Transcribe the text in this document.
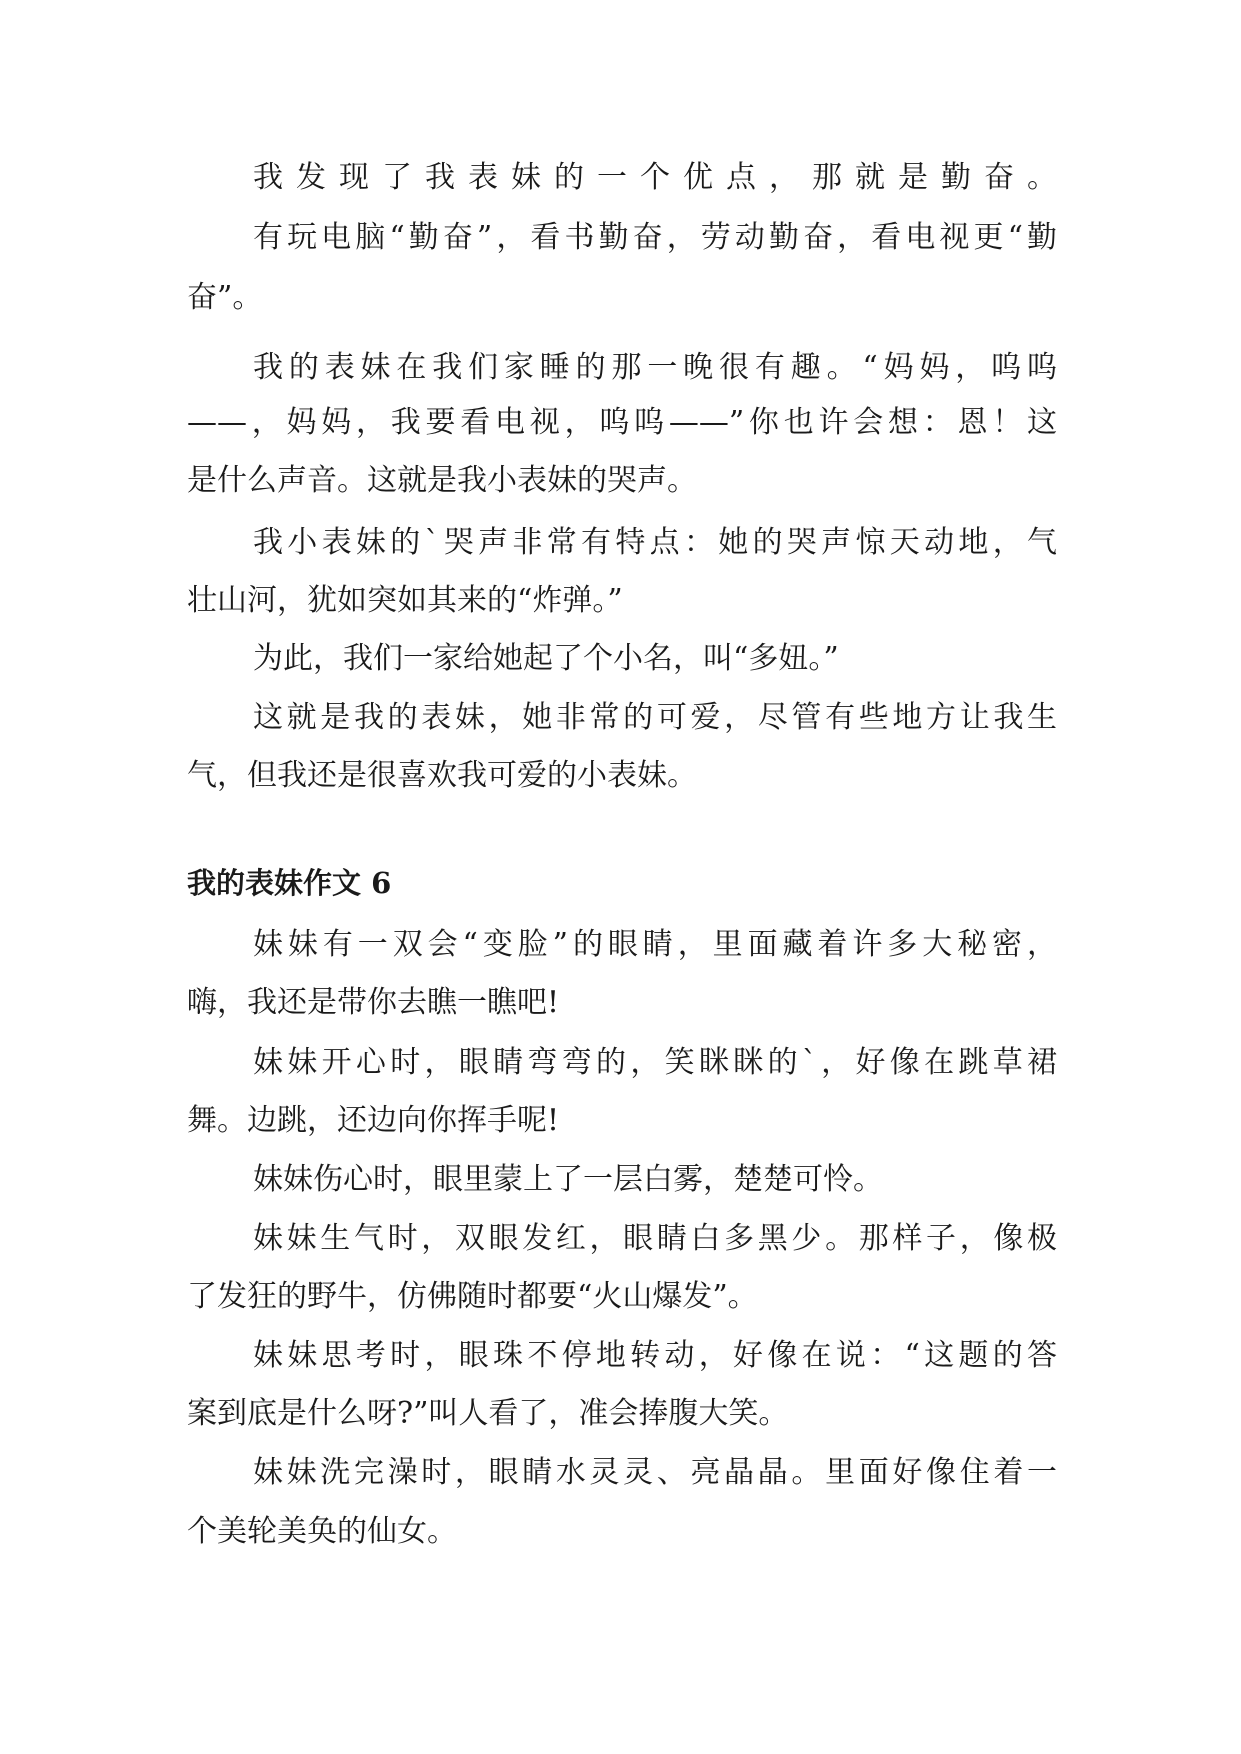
我发现了我表妹的一个优点，那就是勤奋。

有玩电脑“勤奋”，看书勤奋，劳动勤奋，看电视更“勤

奋”。

我的表妹在我们家睡的那一晚很有趣。“妈妈，呜呜

——，妈妈，我要看电视，呜呜——”你也许会想：恩！这

是什么声音。这就是我小表妹的哭声。

我小表妹的`哭声非常有特点：她的哭声惊天动地，气

壮山河，犹如突如其来的“炸弹。”

为此，我们一家给她起了个小名，叫“多妞。”

这就是我的表妹，她非常的可爱，尽管有些地方让我生

气，但我还是很喜欢我可爱的小表妹。

我的表妹作文 6

妹妹有一双会“变脸”的眼睛，里面藏着许多大秘密，

嗨，我还是带你去瞧一瞧吧!

妹妹开心时，眼睛弯弯的，笑眯眯的`，好像在跳草裙

舞。边跳，还边向你挥手呢!

妹妹伤心时，眼里蒙上了一层白雾，楚楚可怜。

妹妹生气时，双眼发红，眼睛白多黑少。那样子，像极

了发狂的野牛，仿佛随时都要“火山爆发”。

妹妹思考时，眼珠不停地转动，好像在说：“这题的答

案到底是什么呀?”叫人看了，准会捧腹大笑。

妹妹洗完澡时，眼睛水灵灵、亮晶晶。里面好像住着一

个美轮美奂的仙女。
